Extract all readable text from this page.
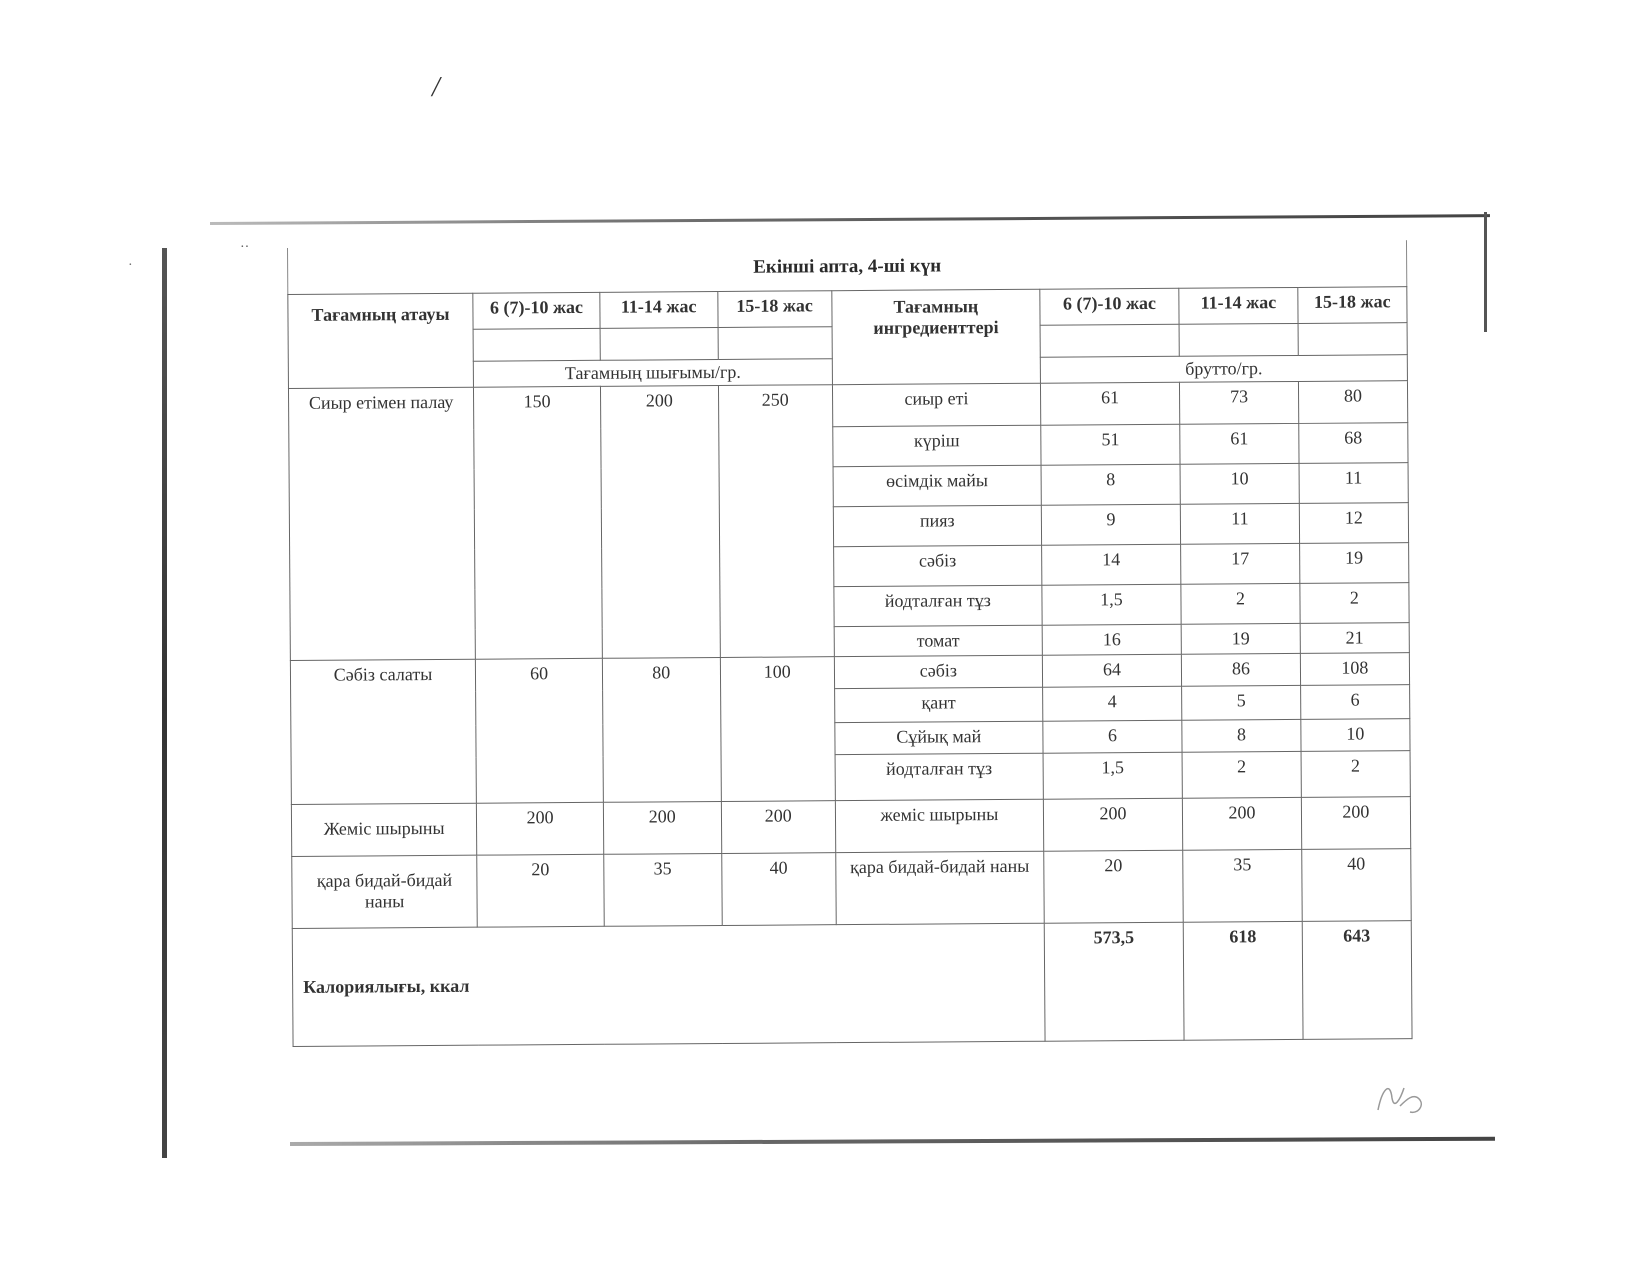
/
··
·	Екінші апта, 4-ші күн
Тағамның атауы	6 (7)-10 жас	11-14 жас	15-18 жас	Тағамның ингредиенттері	6 (7)-10 жас	11-14 жас	15-18 жас

	Тағамның шығымы/гр.				брутто/гр.		
Сиыр етімен палау	150	200	250	сиыр еті	61	73	80
				күріш	51	61	68
				өсімдік майы	8	10	11
				пияз	9	11	12
				сәбіз	14	17	19
				йодталған тұз	1,5	2	2
				томат	16	19	21
Сәбіз салаты	60	80	100	сәбіз	64	86	108
				қант	4	5	6
				Сұйық май	6	8	10
				йодталған тұз	1,5	2	2
Жеміс шырыны	200	200	200	жеміс шырыны	200	200	200
қара бидай-бидай наны	20	35	40	қара бидай-бидай наны	20	35	40
Калориялығы, ккал					573,5	618	643
